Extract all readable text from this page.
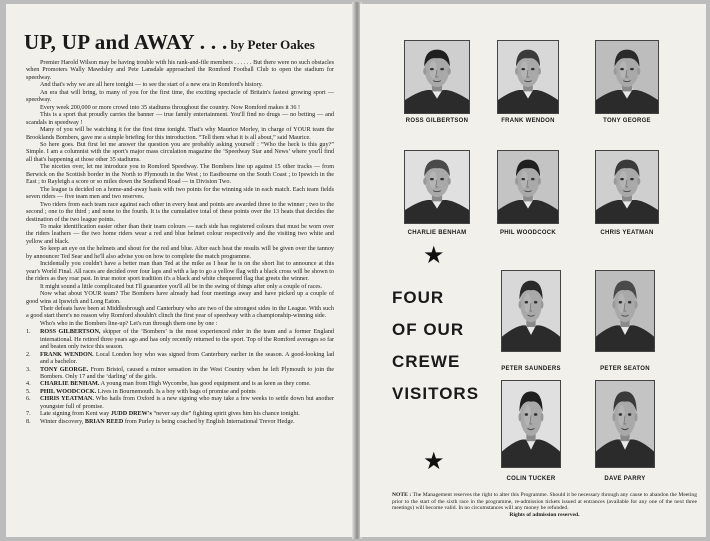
UP, UP and AWAY . . . by Peter Oakes

Premier Harold Wilson may be having trouble with his rank-and-file members . . . . . . But there were no such obstacles when Promoters Wally Mawdsley and Pete Lansdale approached the Romford Football Club to open the stadium for speedway.

And that's why we are all here tonight — to see the start of a new era in Romford's history.

An era that will bring, to many of you for the first time, the exciting spectacle of Britain's fastest growing sport — speedway.

Every week 200,000 or more crowd into 35 stadiums throughout the country. Now Romford makes it 36 !

This is a sport that proudly carries the banner — true family entertainment. You'll find no drugs — no betting — and scandals in speedway !

Many of you will be watching it for the first time tonight. That's why Maurice Morley, in charge of YOUR team the Brooklands Bombers, gave me a simple briefing for this introduction. “Tell them what it is all about,” said Maurice.

So here goes. But first let me answer the question you are probably asking yourself : “Who the heck is this guy?” Simple. I am a columnist with the sport's major mass circulation magazine the ‘Speedway Star and News’ where you'll find all that's happening at those other 35 stadiums.

The niceties over, let me introduce you to Romford Speedway. The Bombers line up against 15 other tracks — from Berwick on the Scottish border in the North to Plymouth in the West ; to Eastbourne on the South Coast ; to Ipswich in the East ; to Rayleigh a score or so miles down the Southend Road — in Division Two.

The league is decided on a home-and-away basis with two points for the winning side in each match. Each team fields seven riders — five team men and two reserves.

Two riders from each team race against each other in every heat and points are awarded three to the winner ; two to the second ; one to the third ; and none to the fourth. It is the cumulative total of these points over the 13 heats that decides the destination of the two league points.

To make identification easier other than their team colours — each side has registered colours that must be worn over the riders leathers — the two home riders wear a red and blue helmet colour respectively and the visiting two white and yellow and black.

So keep an eye on the helmets and shout for the red and blue. After each heat the results will be given over the tannoy by announcer Ted Sear and he'll also advise you on how to complete the match programme.

Incidentally you couldn't have a better man than Ted at the mike as I hear he is on the short list to announce at this year's World Final. All races are decided over four laps and with a lap to go a yellow flag with a black cross will be shown to the riders as they roar past. In true motor sport tradition it's a black and white chequered flag that greets the winner.

It might sound a little complicated but I'll guarantee you'll all be in the swing of things after only a couple of races.

Now what about YOUR team? The Bombers have already had four meetings away and have picked up a couple of good wins at Ipswich and Long Eaton.

Their defeats have been at Middlesbrough and Canterbury who are two of the strongest sides in the League. With such a good start there's no reason why Romford shouldn't clinch the first year of speedway with a championship-winning side.

Who's who in the Bombers line-up? Let's run through them one by one :

1. ROSS GILBERTSON, skipper of the ‘Bombers’ is the most experienced rider in the team and a former England international. He retired three years ago and has only recently returned to the sport. Top of the Romford averages so far and beaten only twice this season.
2. FRANK WENDON. Local London boy who was signed from Canterbury earlier in the season. A good-looking lad and a bachelor.
3. TONY GEORGE. From Bristol, caused a minor sensation in the West Country when he left Plymouth to join the Bombers. Only 17 and the ‘darling’ of the girls.
4. CHARLIE BENHAM. A young man from High Wycombe, has good equipment and is as keen as they come.
5. PHIL WOODCOCK. Lives in Bournemouth. Is a boy with bags of promise and points
6. CHRIS YEATMAN. Who hails from Oxford is a new signing who may take a few weeks to settle down but another youngster full of promise.
7. Late signing from Kent way JUDD DREW's “never say die” fighting spirit gives him his chance tonight.
8. Winter discovery, BRIAN REED from Purley is being coached by English International Trevor Hedge.
ROSS GILBERTSON	FRANK WENDON	TONY GEORGE
CHARLIE BENHAM	PHIL WOODCOCK	CHRIS YEATMAN
PETER SAUNDERS	PETER SEATON
COLIN TUCKER	DAVE PARRY
★
FOUR
OF OUR
CREWE
VISITORS
★
NOTE : The Management reserves the right to alter this Programme. Should it be necessary through any cause to abandon the Meeting prior to the start of the sixth race in the programme, re-admission tickets issued at entrances (available for any one of the next three meetings) will become valid. In no circumstances will any money be refunded.
Rights of admission reserved.
